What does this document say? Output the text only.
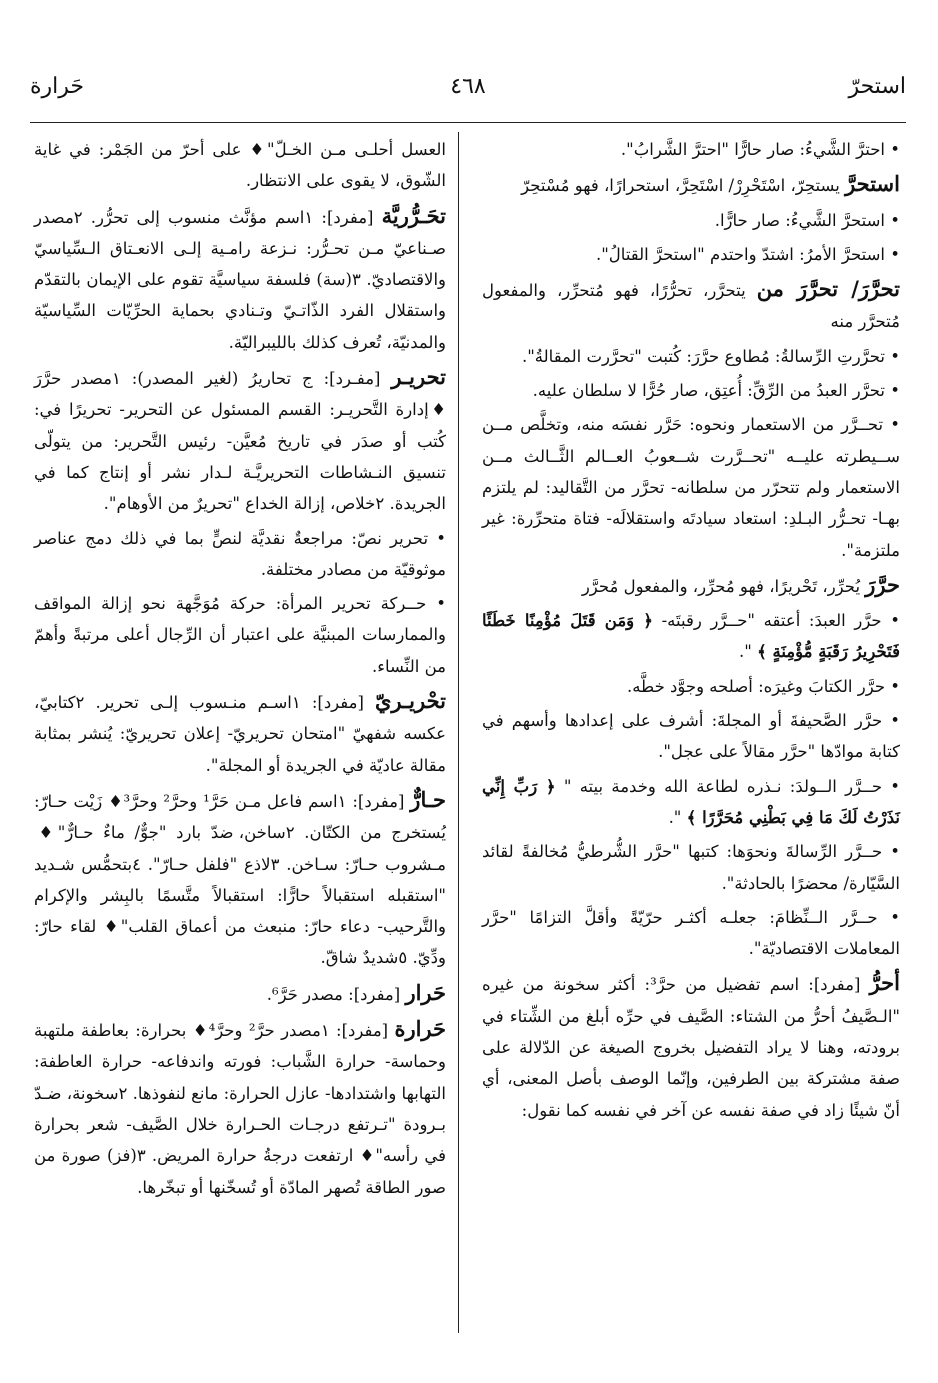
استحرّ
٤٦٨
حَرارة

• احترَّ الشَّيءُ: صار حارًّا "احترَّ الشَّرابُ".

استحرَّ يستحِرّ، اسْتَحْرِرْ/ اسْتَحِرَّ، استحرارًا، فهو مُسْتحِرّ

• استحرَّ الشَّيءُ: صار حارًّا.

• استحرَّ الأمرُ: اشتدّ واحتدم "استحرَّ القتالُ".

تحرَّرَ/ تحرَّرَ من يتحرَّر، تحرُّرًا، فهو مُتحرِّر، والمفعول مُتحرَّر منه

• تحرَّرتِ الرِّسالةُ: مُطاوع حرَّرَ: كُتبت "تحرَّرت المقالةُ".

• تحرَّر العبدُ من الرِّقِّ: أُعتِق، صار حُرًّا لا سلطان عليه.

• تحــرَّر من الاستعمار ونحوه: حَرَّر نفسَه منه، وتخلَّص مــن ســيطرته عليــه "تحــرَّرت شــعوبُ العــالم الثَّــالث مــن الاستعمار ولم تتحرّر من سلطانه- تحرَّر من التَّقاليد: لم يلتزم بهـا- تحـرُّر البـلدِ: استعاد سيادتَه واستقلالَه- فتاة متحرِّرة: غير ملتزمة".

حرَّرَ يُحرِّر، تَحْريرًا، فهو مُحرِّر، والمفعول مُحرَّر

• حرَّر العبدَ: أعتقه "حــرَّر رقبتَه- ﴿ وَمَن قَتَلَ مُؤْمِنًا خَطَئًا فَتَحْرِيرُ رَقَبَةٍ مُّؤْمِنَةٍ ﴾ ".

• حرَّر الكتابَ وغيرَه: أصلحه وجوَّد خطَّه.

• حرَّر الصَّحيفةَ أو المجلةَ: أشرف على إعدادها وأسهم في كتابة موادّها "حرَّر مقالاً على عجل".

• حــرَّر الــولدَ: نـذره لطاعة الله وخدمة بيته " ﴿ رَبِّ إِنِّي نَذَرْتُ لَكَ مَا فِي بَطْنِي مُحَرَّرًا ﴾ ".

• حــرَّر الرِّسالةَ ونحوَها: كتبها "حرَّر الشُّرطيُّ مُخالفةً لقائد السَّيّارة/ محضرًا بالحادثة".

• حــرَّر الــنِّظامَ: جعلـه أكثـر حرّيّةً وأقلَّ التزامًا "حرَّر المعاملات الاقتصاديّة".

أحرُّ [مفرد]: اسم تفضيل من حرَّ³: أكثر سخونة من غيره "الـصَّيفُ أحرُّ من الشتاء: الصَّيف في حرِّه أبلغ من الشِّتاء في برودته، وهنا لا يراد التفضيل بخروج الصيغة عن الدّلالة على صفة مشتركة بين الطرفين، وإنّما الوصف بأصل المعنى، أي أنّ شيئًا زاد في صفة نفسه عن آخر في نفسه كما نقول:

العسل أحلـى مـن الخـلّ"♦ على أحرّ من الجَمْر: في غاية الشّوق، لا يقوى على الانتظار.

تحَـرُّريَّة [مفرد]: ١اسم مؤنَّث منسوب إلى تحرُّر. ٢مصدر صـناعيّ مـن تحـرُّر: نـزعة رامـية إلـى الانعـتاق الـسِّياسيّ والاقتصاديّ. ٣(سة) فلسفة سياسيَّة تقوم على الإيمان بالتقدّم واستقلال الفرد الذّاتـيّ وتـنادي بحماية الحرِّيّات السِّياسيّة والمدنيّة، تُعرف كذلك بالليبراليّة.

تحريـر [مفـرد]: ج تحاريرُ (لغير المصدر): ١مصدر حرَّرَ ♦إدارة التَّحريـر: القسم المسئول عن التحرير- تحريرًا في: كُتب أو صدَر في تاريخ مُعيَّن- رئيس التَّحرير: من يتولّى تنسيق النـشاطات التحريريَّـة لـدار نشر أو إنتاج كما في الجريدة. ٢خلاص، إزالة الخداع "تحريرٌ من الأوهام".

• تحرير نصّ: مراجعةٌ نقديَّة لنصٍّ بما في ذلك دمج عناصر موثوقيّة من مصادر مختلفة.

• حــركة تحرير المرأة: حركة مُوَجَّهة نحو إزالة المواقف والممارسات المبنيَّة على اعتبار أن الرِّجال أعلى مرتبةً وأهمّ من النِّساء.

تحْريـريّ [مفرد]: ١اسـم منـسوب إلـى تحرير. ٢كتابيّ، عكسه شفهيّ "امتحان تحريريّ- إعلان تحريريّ: يُنشر بمثابة مقالة عاديّة في الجريدة أو المجلة".

حـارٌّ [مفرد]: ١اسم فاعل مـن حَرَّ¹ وحرَّ² وحرَّ³♦ زَيْت حـارّ: يُستخرج من الكتّان. ٢ساخن، ضدّ بارد "جوٌّ/ ماءٌ حـارٌّ"♦ مـشروب حـارّ: سـاخن. ٣لاذع "فلفل حـارّ". ٤بتحمُّس شـديد "استقبله استقبالاً حارًّا: استقبالاً متَّسمًا بالبِشر والإكرام والتَّرحيب- دعاء حارّ: منبعث من أعماق القلب"♦ لقاء حارّ: ودِّيّ. ٥شديدٌ شاقّ.

حَرار [مفرد]: مصدر حَرَّ⁶.

حَرارة [مفرد]: ١مصدر حرَّ² وحرَّ⁴♦ بحرارة: بعاطفة ملتهبة وحماسة- حرارة الشَّباب: فورته واندفاعه- حرارة العاطفة: التهابها واشتدادها- عازل الحرارة: مانع لنفوذها. ٢سخونة، ضـدّ بـرودة "تـرتفع درجـات الحـرارة خلال الصَّيف- شعر بحرارة في رأسه"♦ ارتفعت درجةُ حرارة المريض. ٣(فز) صورة من صور الطاقة تُصهر المادّة أو تُسخّنها أو تبخّرها.
